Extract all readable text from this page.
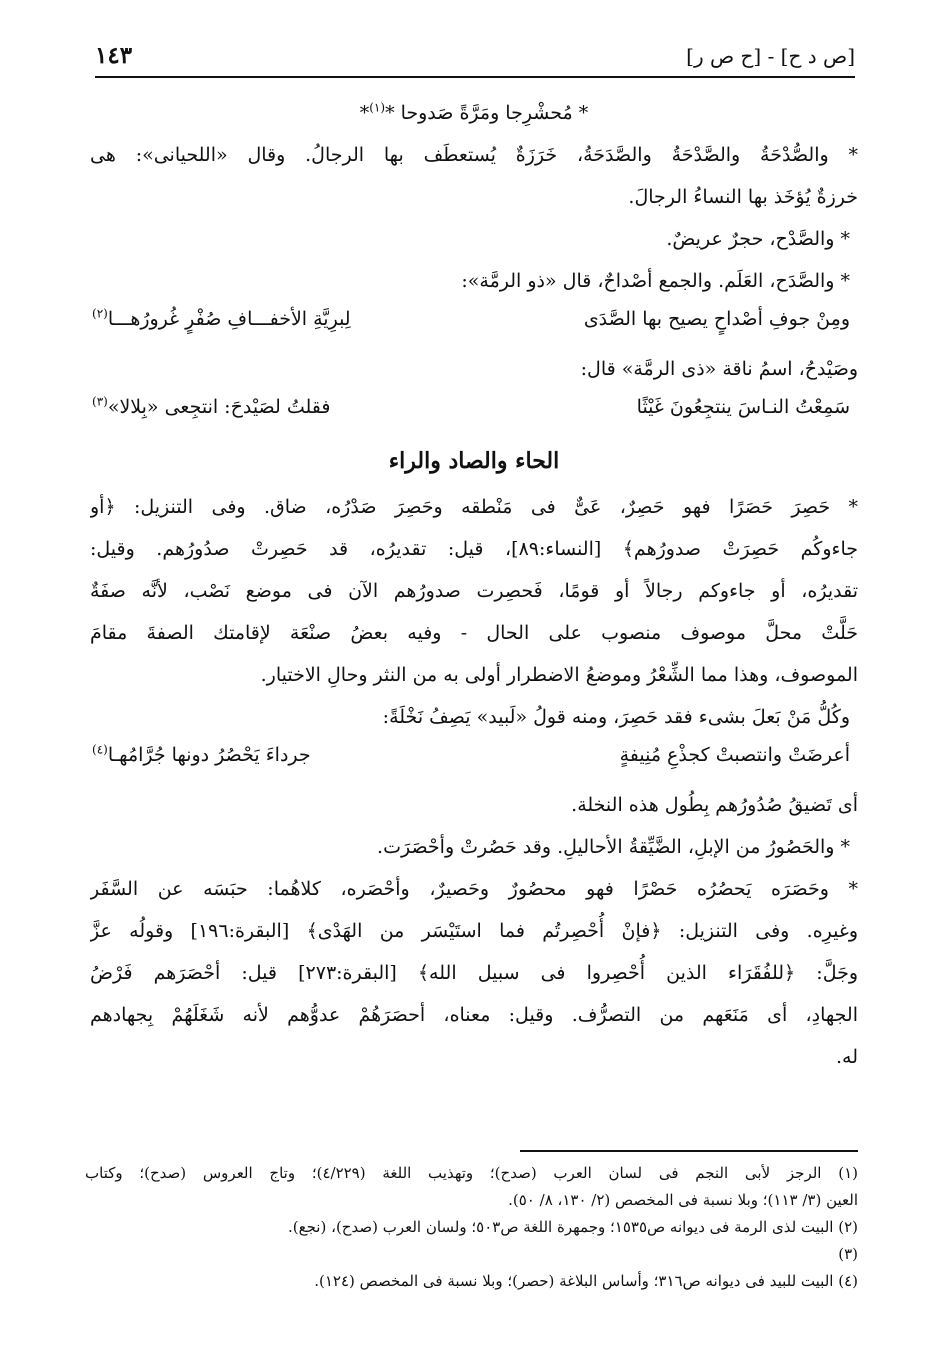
[ص د ح] - [ح ص ر]
١٤٣
* مُحشْرِجا ومَرَّةً صَدوحا *$^{(١)}$*
* والصُّدْحَةُ والصَّدْحَةُ والصَّدَحَةُ، خَرَزَةٌ يُستعطَف بها الرجالُ. وقال «اللحيانى»: هى
خرزةٌ يُؤخَذ بها النساءُ الرجالَ.
* والصَّدْح، حجرٌ عريضٌ.
* والصَّدَح، العَلَم. والجمع أصْداحٌ، قال «ذو الرمَّة»:
ومِنْ جوفِ أصْداحٍ يصيح بها الصَّدَى
لِبرِيَّةِ الأخفـــافِ صُفْرٍ غُرورُهـــا$^{(٢)}$
وصَيْدحُ، اسمُ ناقة «ذى الرمَّة» قال:
سَمِعْتُ النـاسَ ينتجِعُونَ غَيْثًا
فقلتُ لصَيْدحَ: انتجِعى «بِلالا»$^{(٣)}$
الحاء والصاد والراء
* حَصِرَ حَصَرًا فهو حَصِرٌ، عَىٌّ فى مَنْطقه وحَصِرَ صَدْرُه، ضاق. وفى التنزيل: ﴿أو
جاءوكُم حَصِرَتْ صدورُهم﴾ [النساء:٨٩]، قيل: تقديرُه، قد حَصِرتْ صدُورُهم. وقيل:
تقديرُه، أو جاءوكم رجالاً أو قومًا، فَحصِرت صدورُهم الآن فى موضع نَصْب، لأنَّه صفَةٌ
حَلَّتْ محلَّ موصوف منصوب على الحال - وفيه بعضُ صنْعَة لإقامتك الصفةَ مقامَ
الموصوف، وهذا مما الشِّعْرُ وموضعُ الاضطرار أولى به من النثر وحالِ الاختيار.
وكُلُّ مَنْ بَعلَ بشىء فقد حَصِرَ، ومنه قولُ «لَبيد» يَصِفُ نَخْلَةً:
أعرضَتْ وانتصبتْ كجذْعِ مُنِيفةٍ
جرداءَ يَحْصُرُ دونها جُرَّامُهـا$^{(٤)}$
أى تَضيقُ صُدُورُهم بِطُول هذه النخلة.
* والحَصُورُ من الإبلِ، الضَّيِّقةُ الأحاليلِ. وقد حَصُرتْ وأحْصَرَت.
* وحَصَرَه يَحصُرُه حَصْرًا فهو محصُورٌ وحَصيرٌ، وأحْصَره، كلاهُما: حبَسَه عن السَّفَر
وغيرِه. وفى التنزيل: ﴿فإنْ أُحْصِرتُم فما استَيْسَر من الهَدْى﴾ [البقرة:١٩٦] وقولُه عزَّ
وجَلَّ: ﴿للفُقَرَاء الذين أُحْصِروا فى سبيل الله﴾ [البقرة:٢٧٣] قيل: أحْصَرَهم فَرْضُ
الجهادِ، أى مَنَعَهم من التصرُّف. وقيل: معناه، أحصَرَهُمْ عدوُّهم لأنه شَغَلَهُمْ بِجهادهم
له.
(١) الرجز لأبى النجم فى لسان العرب (صدح)؛ وتهذيب اللغة (٤/٢٢٩)؛ وتاج العروس (صدح)؛ وكتاب
العين (٣/ ١١٣)؛ وبلا نسبة فى المخصص (٢/ ١٣٠، ٨/ ٥٠).
(٢) البيت لذى الرمة فى ديوانه ص١٥٣٥؛ وجمهرة اللغة ص٥٠٣؛ ولسان العرب (صدح)، (نجع).
(٣)
(٤) البيت للبيد فى ديوانه ص٣١٦؛ وأساس البلاغة (حصر)؛ وبلا نسبة فى المخصص (١٢٤).
